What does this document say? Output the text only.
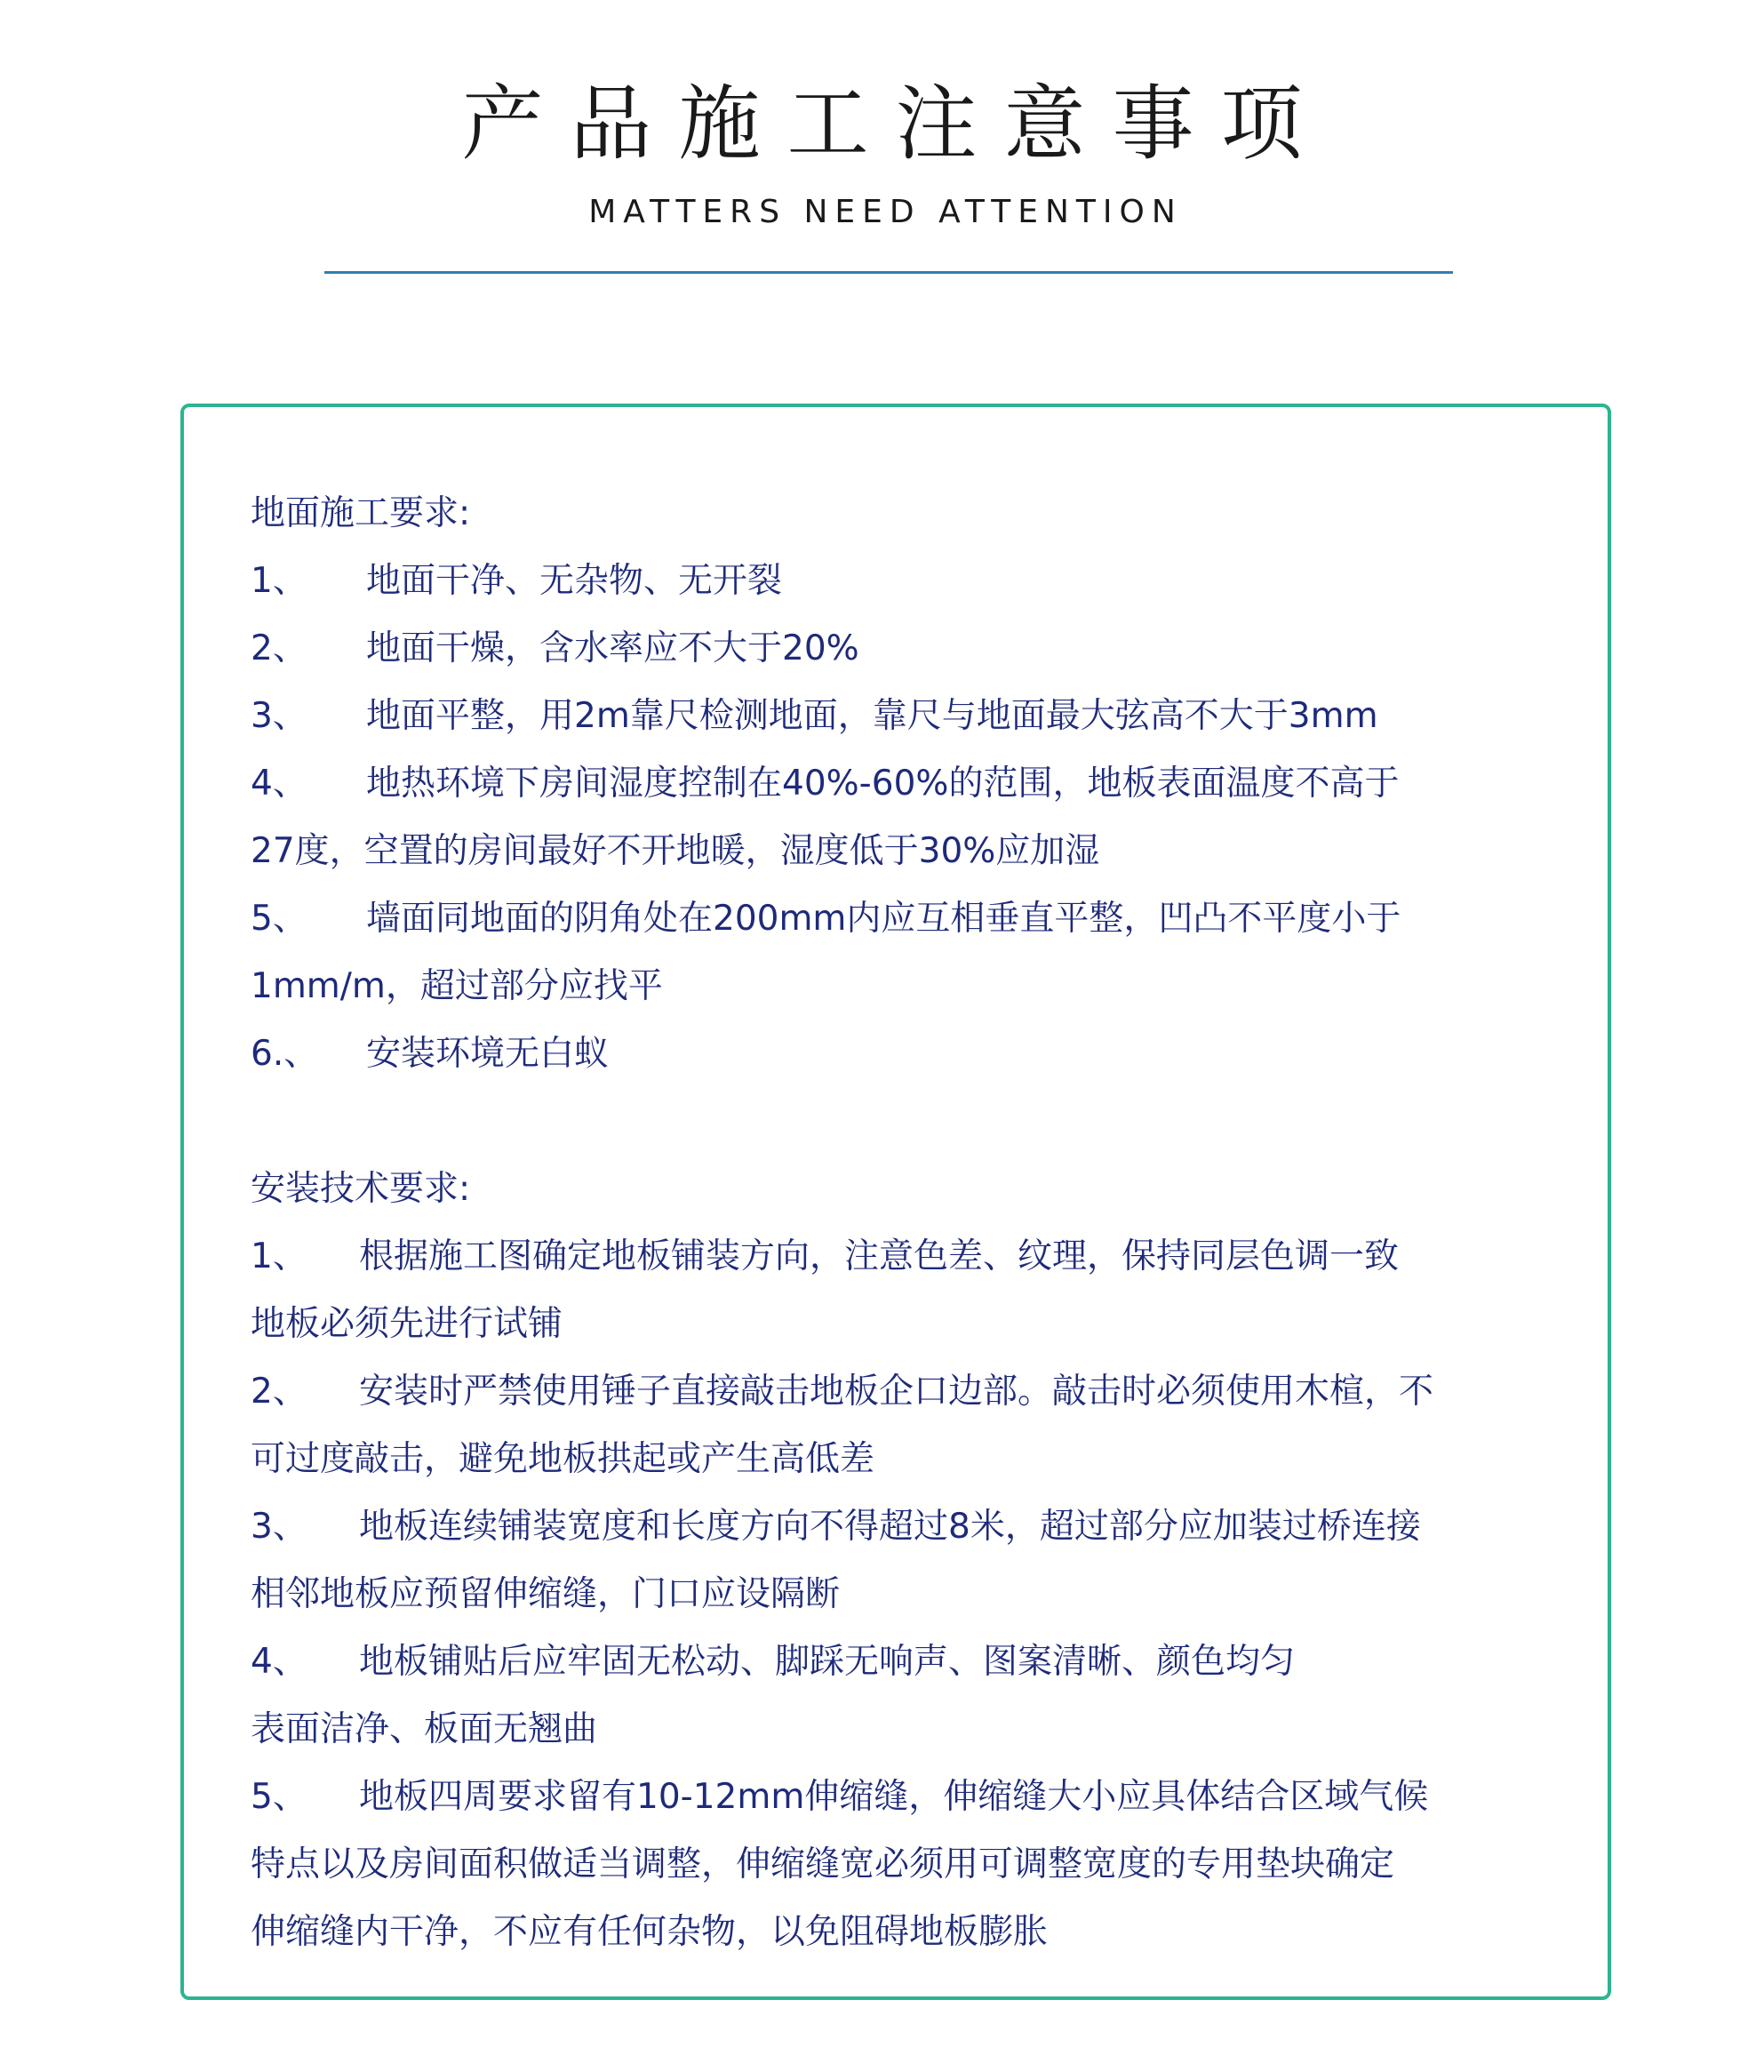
产品施工注意事项
MATTERS NEED ATTENTION
地面施工要求:
1、 地面干净、无杂物、无开裂
2、 地面干燥，含水率应不大于20%
3、 地面平整，用2m靠尺检测地面，靠尺与地面最大弦高不大于3mm
4、 地热环境下房间湿度控制在40%-60%的范围，地板表面温度不高于
27度，空置的房间最好不开地暖，湿度低于30%应加湿
5、 墙面同地面的阴角处在200mm内应互相垂直平整，凹凸不平度小于
1mm/m，超过部分应找平
6.、 安装环境无白蚁
安装技术要求:
1、 根据施工图确定地板铺装方向，注意色差、纹理，保持同层色调一致
地板必须先进行试铺
2、 安装时严禁使用锤子直接敲击地板企口边部。敲击时必须使用木楦，不
可过度敲击，避免地板拱起或产生高低差
3、 地板连续铺装宽度和长度方向不得超过8米，超过部分应加装过桥连接
相邻地板应预留伸缩缝，门口应设隔断
4、 地板铺贴后应牢固无松动、脚踩无响声、图案清晰、颜色均匀
表面洁净、板面无翘曲
5、 地板四周要求留有10-12mm伸缩缝，伸缩缝大小应具体结合区域气候
特点以及房间面积做适当调整，伸缩缝宽必须用可调整宽度的专用垫块确定
伸缩缝内干净，不应有任何杂物，以免阻碍地板膨胀
